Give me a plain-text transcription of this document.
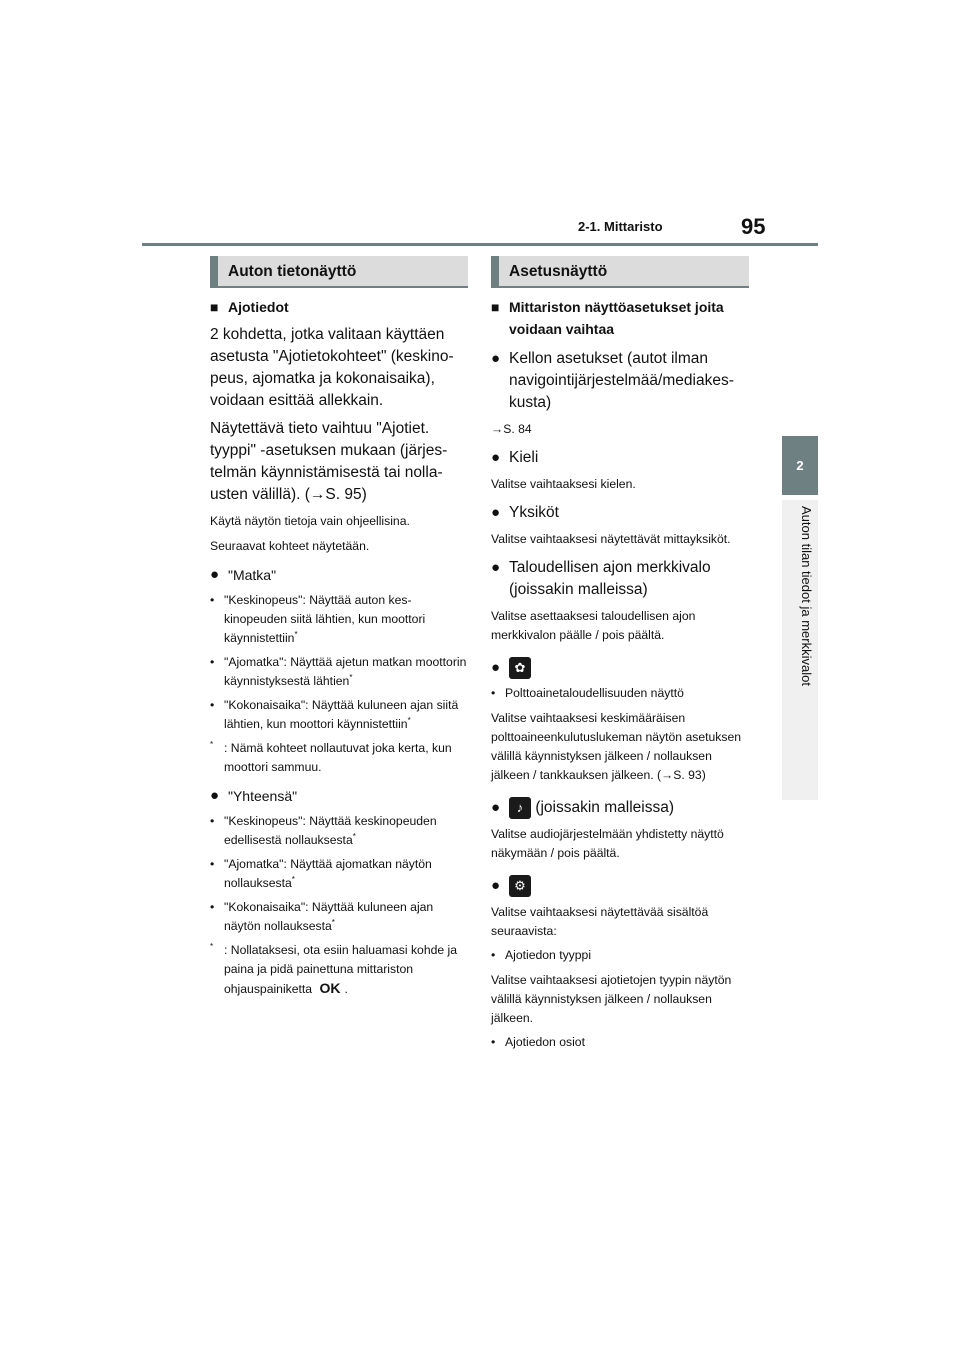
2-1. Mittaristo	95
2
Auton tilan tiedot ja merkkivalot
Auton tietonäyttö
■ Ajotiedot
2 kohdetta, jotka valitaan käyttäen asetusta "Ajotietokohteet" (keskinopeus, ajomatka ja kokonaisaika), voidaan esittää allekkain.
Näytettävä tieto vaihtuu "Ajotiet. tyyppi" -asetuksen mukaan (järjestelmän käynnistämisestä tai nollausten välillä). (→S. 95)
Käytä näytön tietoja vain ohjeellisina.
Seuraavat kohteet näytetään.
● "Matka"
• "Keskinopeus": Näyttää auton keskinopeuden siitä lähtien, kun moottori käynnistettiin*
• "Ajomatka": Näyttää ajetun matkan moottorin käynnistyksestä lähtien*
• "Kokonaisaika": Näyttää kuluneen ajan siitä lähtien, kun moottori käynnistettiin*
* : Nämä kohteet nollautuvat joka kerta, kun moottori sammuu.
● "Yhteensä"
• "Keskinopeus": Näyttää keskinopeuden edellisestä nollauksesta*
• "Ajomatka": Näyttää ajomatkan näytön nollauksesta*
• "Kokonaisaika": Näyttää kuluneen ajan näytön nollauksesta*
* : Nollataksesi, ota esiin haluamasi kohde ja paina ja pidä painettuna mittariston ohjauspainiketta OK .
Asetusnäyttö
■ Mittariston näyttöasetukset joita voidaan vaihtaa
● Kellon asetukset (autot ilman navigointijärjestelmää/mediakeskusta)
→S. 84
● Kieli
Valitse vaihtaaksesi kielen.
● Yksiköt
Valitse vaihtaaksesi näytettävät mittayksiköt.
● Taloudellisen ajon merkkivalo (joissakin malleissa)
Valitse asettaaksesi taloudellisen ajon merkkivalon päälle / pois päältä.
●	✿
• Polttoainetaloudellisuuden näyttö
Valitse vaihtaaksesi keskimääräisen polttoaineenkulutuslukeman näytön asetuksen välillä käynnistyksen jälkeen / nollauksen jälkeen / tankkauksen jälkeen. (→S. 93)
●	♪
(joissakin malleissa)
Valitse audiojärjestelmään yhdistetty näyttö näkymään / pois päältä.
●	⚙
Valitse vaihtaaksesi näytettävää sisältöä seuraavista:
• Ajotiedon tyyppi
Valitse vaihtaaksesi ajotietojen tyypin näytön välillä käynnistyksen jälkeen / nollauksen jälkeen.
• Ajotiedon osiot
